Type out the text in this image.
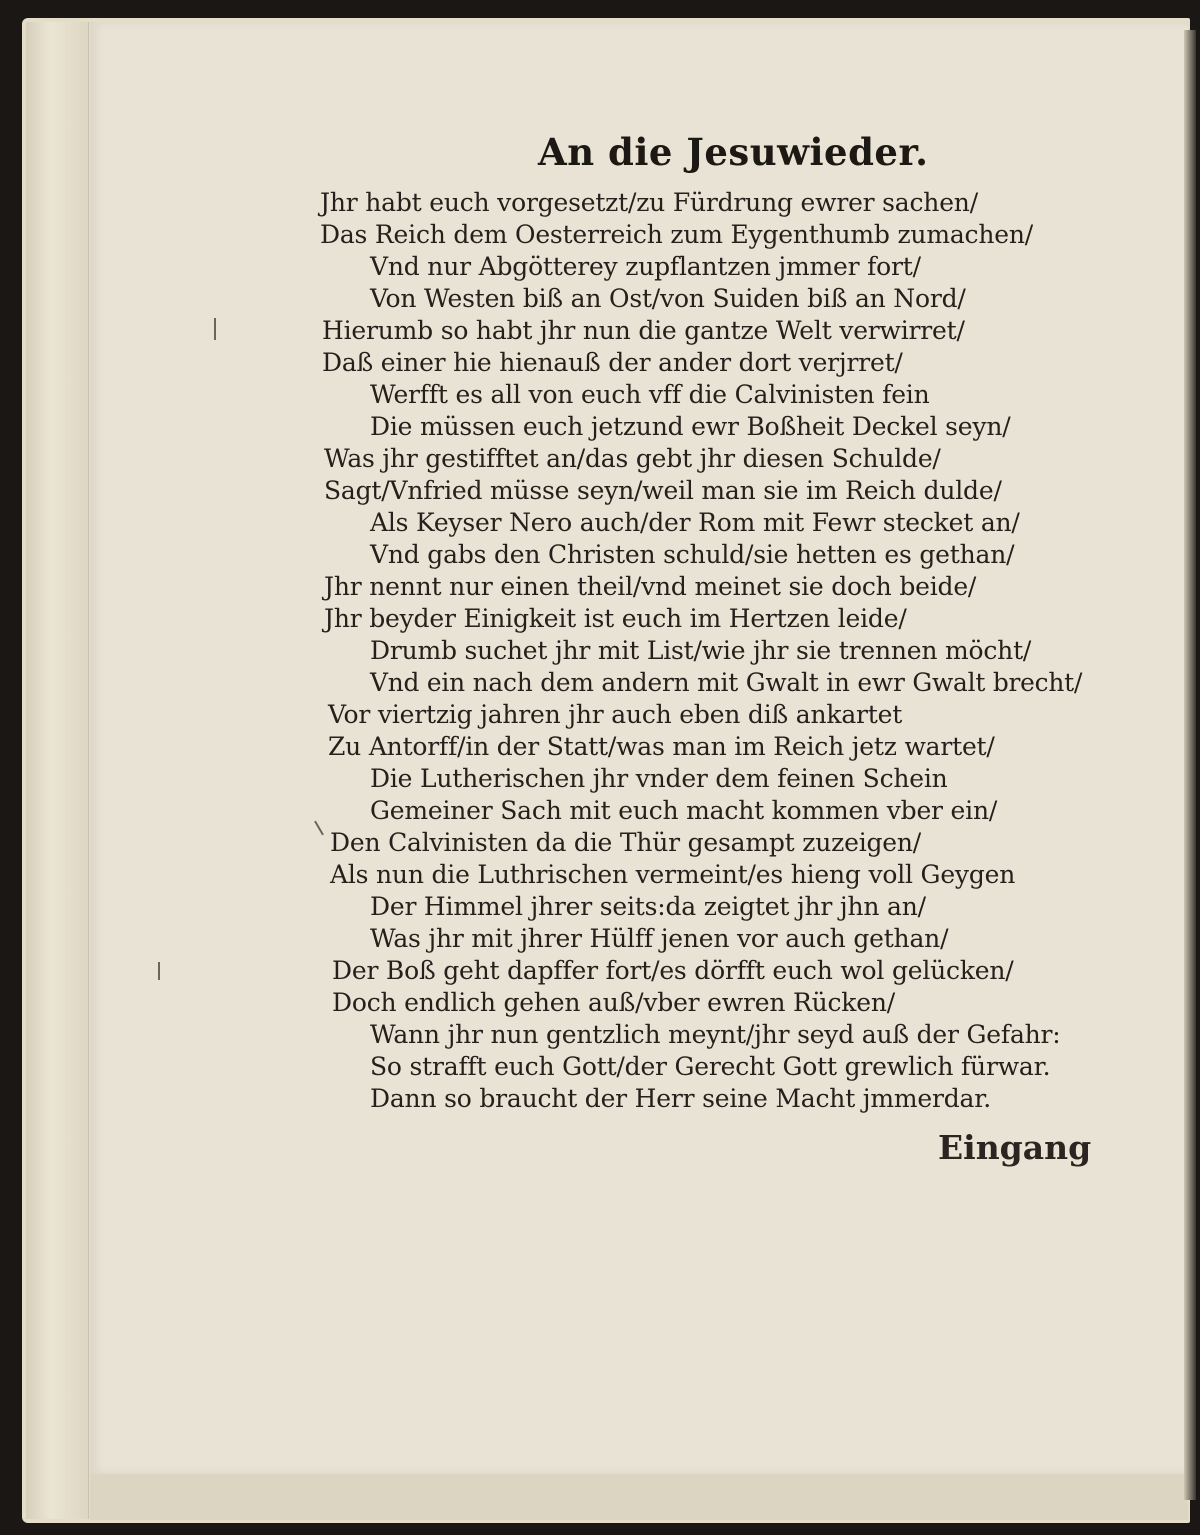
An die Jesuwieder.
Jhr habt euch vorgesetzt/zu Fürdrung ewrer sachen/
Das Reich dem Oesterreich zum Eygenthumb zumachen/
Vnd nur Abgötterey zupflantzen jmmer fort/
Von Westen biß an Ost/von Suiden biß an Nord/
Hierumb so habt jhr nun die gantze Welt verwirret/
Daß einer hie hienauß der ander dort verjrret/
Werfft es all von euch vff die Calvinisten fein
Die müssen euch jetzund ewr Boßheit Deckel seyn/
Was jhr gestifftet an/das gebt jhr diesen Schulde/
Sagt/Vnfried müsse seyn/weil man sie im Reich dulde/
Als Keyser Nero auch/der Rom mit Fewr stecket an/
Vnd gabs den Christen schuld/sie hetten es gethan/
Jhr nennt nur einen theil/vnd meinet sie doch beide/
Jhr beyder Einigkeit ist euch im Hertzen leide/
Drumb suchet jhr mit List/wie jhr sie trennen möcht/
Vnd ein nach dem andern mit Gwalt in ewr Gwalt brecht/
Vor viertzig jahren jhr auch eben diß ankartet
Zu Antorff/in der Statt/was man im Reich jetz wartet/
Die Lutherischen jhr vnder dem feinen Schein
Gemeiner Sach mit euch macht kommen vber ein/
Den Calvinisten da die Thür gesampt zuzeigen/
Als nun die Luthrischen vermeint/es hieng voll Geygen
Der Himmel jhrer seits:da zeigtet jhr jhn an/
Was jhr mit jhrer Hülff jenen vor auch gethan/
Der Boß geht dapffer fort/es dörfft euch wol gelücken/
Doch endlich gehen auß/vber ewren Rücken/
Wann jhr nun gentzlich meynt/jhr seyd auß der Gefahr:
So strafft euch Gott/der Gerecht Gott grewlich fürwar.
Dann so braucht der Herr seine Macht jmmerdar.
Eingang
